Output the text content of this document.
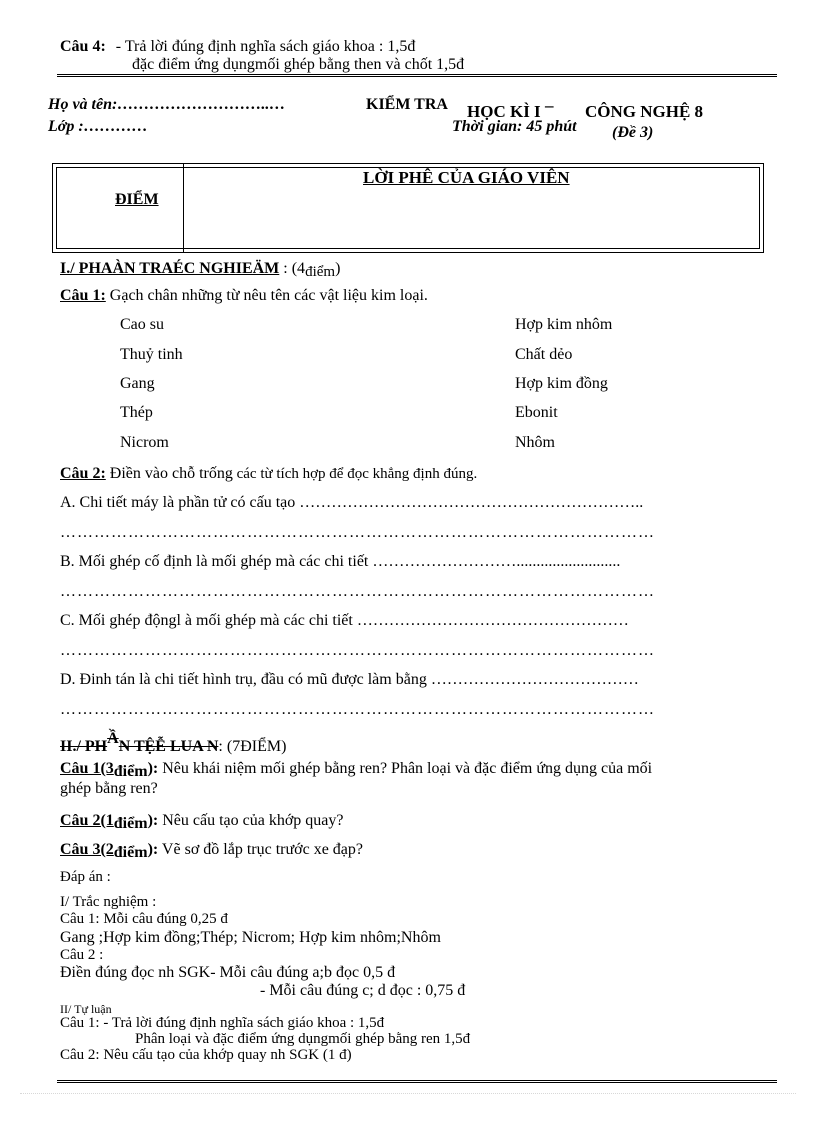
Câu 4: - Trả lời đúng định nghĩa sách giáo khoa : 1,5đ
đặc điểm ứng dụngmối ghép bằng then và chốt 1,5đ
Họ và tên:………………………..…	KIỂM TRA HỌC KÌ I – CÔNG NGHỆ 8
Lớp :…………	Thời gian: 45 phút (Đề 3)
ĐIỂM
LỜI PHÊ CỦA GIÁO VIÊN
I./ PHAÀN TRAÉC NGHIEÄM : (4điểm)
Câu 1: Gạch chân những từ nêu tên các vật liệu kim loại.
Cao su
Thuỷ tinh
Gang
Thép
Nicrom
Hợp kim nhôm
Chất dẻo
Hợp kim đồng
Ebonit
Nhôm
Câu 2: Điền vào chỗ trống các từ tích hợp để đọc khẳng định đúng.
A. Chi tiết máy là phần tử có cấu tạo ………………………………………………………..
……………………………………………………………………………………………
B. Mối ghép cố định là mối ghép mà các chi tiết ………………………..........................
……………………………………………………………………………………………
C. Mối ghép độngl à mối ghép mà các chi tiết ……………………………………………
……………………………………………………………………………………………
D. Đinh tán là chi tiết hình trụ, đầu có mũ được làm bằng …………………………………
……………………………………………………………………………………………
II./ PHẦN TỆỄ LUA N: (7ĐIỂM)
Câu 1(3điểm): Nêu khái niệm mối ghép bằng ren? Phân loại và đặc điểm ứng dụng của mối
ghép bằng ren?
Câu 2(1điểm): Nêu cấu tạo của khớp quay?
Câu 3(2điểm): Vẽ sơ đồ lắp trục trước xe đạp?
Đáp án :
I/ Trắc nghiệm :
Câu 1: Mỗi câu đúng 0,25 đ
Gang ;Hợp kim đồng;Thép; Nicrom; Hợp kim nhôm;Nhôm
Câu 2 :
Điền đúng đọc nh SGK- Mỗi câu đúng a;b đọc 0,5 đ
- Mỗi câu đúng c; d đọc : 0,75 đ
II/ Tự luận
Câu 1: - Trả lời đúng định nghĩa sách giáo khoa : 1,5đ
Phân loại và đặc điểm ứng dụngmối ghép bằng ren 1,5đ
Câu 2: Nêu cấu tạo của khớp quay nh SGK (1 đ)
